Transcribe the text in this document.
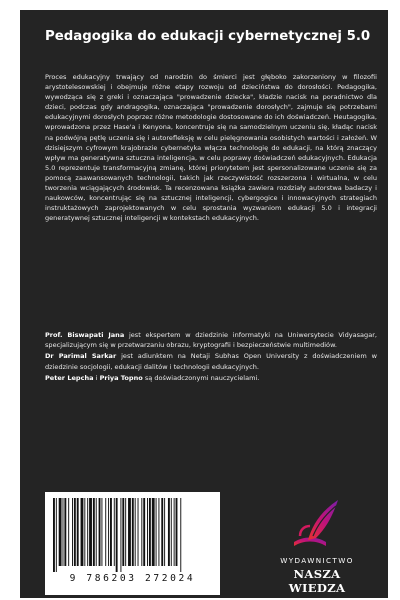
Pedagogika do edukacji cybernetycznej 5.0

Proces edukacyjny trwający od narodzin do śmierci jest głęboko zakorzeniony w filozofii arystotelesowskiej i obejmuje różne etapy rozwoju od dzieciństwa do dorosłości. Pedagogika, wywodząca się z greki i oznaczająca "prowadzenie dziecka", kładzie nacisk na poradnictwo dla dzieci, podczas gdy andragogika, oznaczająca "prowadzenie dorosłych", zajmuje się potrzebami edukacyjnymi dorosłych poprzez różne metodologie dostosowane do ich doświadczeń. Heutagogika, wprowadzona przez Hase'a i Kenyona, koncentruje się na samodzielnym uczeniu się, kładąc nacisk na podwójną pętlę uczenia się i autorefleksję w celu pielęgnowania osobistych wartości i założeń. W dzisiejszym cyfrowym krajobrazie cybernetyka włącza technologię do edukacji, na którą znaczący wpływ ma generatywna sztuczna inteligencja, w celu poprawy doświadczeń edukacyjnych. Edukacja 5.0 reprezentuje transformacyjną zmianę, której priorytetem jest spersonalizowane uczenie się za pomocą zaawansowanych technologii, takich jak rzeczywistość rozszerzona i wirtualna, w celu tworzenia wciągających środowisk. Ta recenzowana książka zawiera rozdziały autorstwa badaczy i naukowców, koncentrując się na sztucznej inteligencji, cybergogice i innowacyjnych strategiach instruktażowych zaprojektowanych w celu sprostania wyzwaniom edukacji 5.0 i integracji generatywnej sztucznej inteligencji w kontekstach edukacyjnych.

Prof. Biswapati Jana jest ekspertem w dziedzinie informatyki na Uniwersytecie Vidyasagar, specjalizującym się w przetwarzaniu obrazu, kryptografii i bezpieczeństwie multimediów.

Dr Parimal Sarkar jest adiunktem na Netaji Subhas Open University z doświadczeniem w dziedzinie socjologii, edukacji dalitów i technologii edukacyjnych.

Peter Lepcha i Priya Topno są doświadczonymi nauczycielami.

9 786203 272024
WYDAWNICTWO
NASZA WIEDZA
